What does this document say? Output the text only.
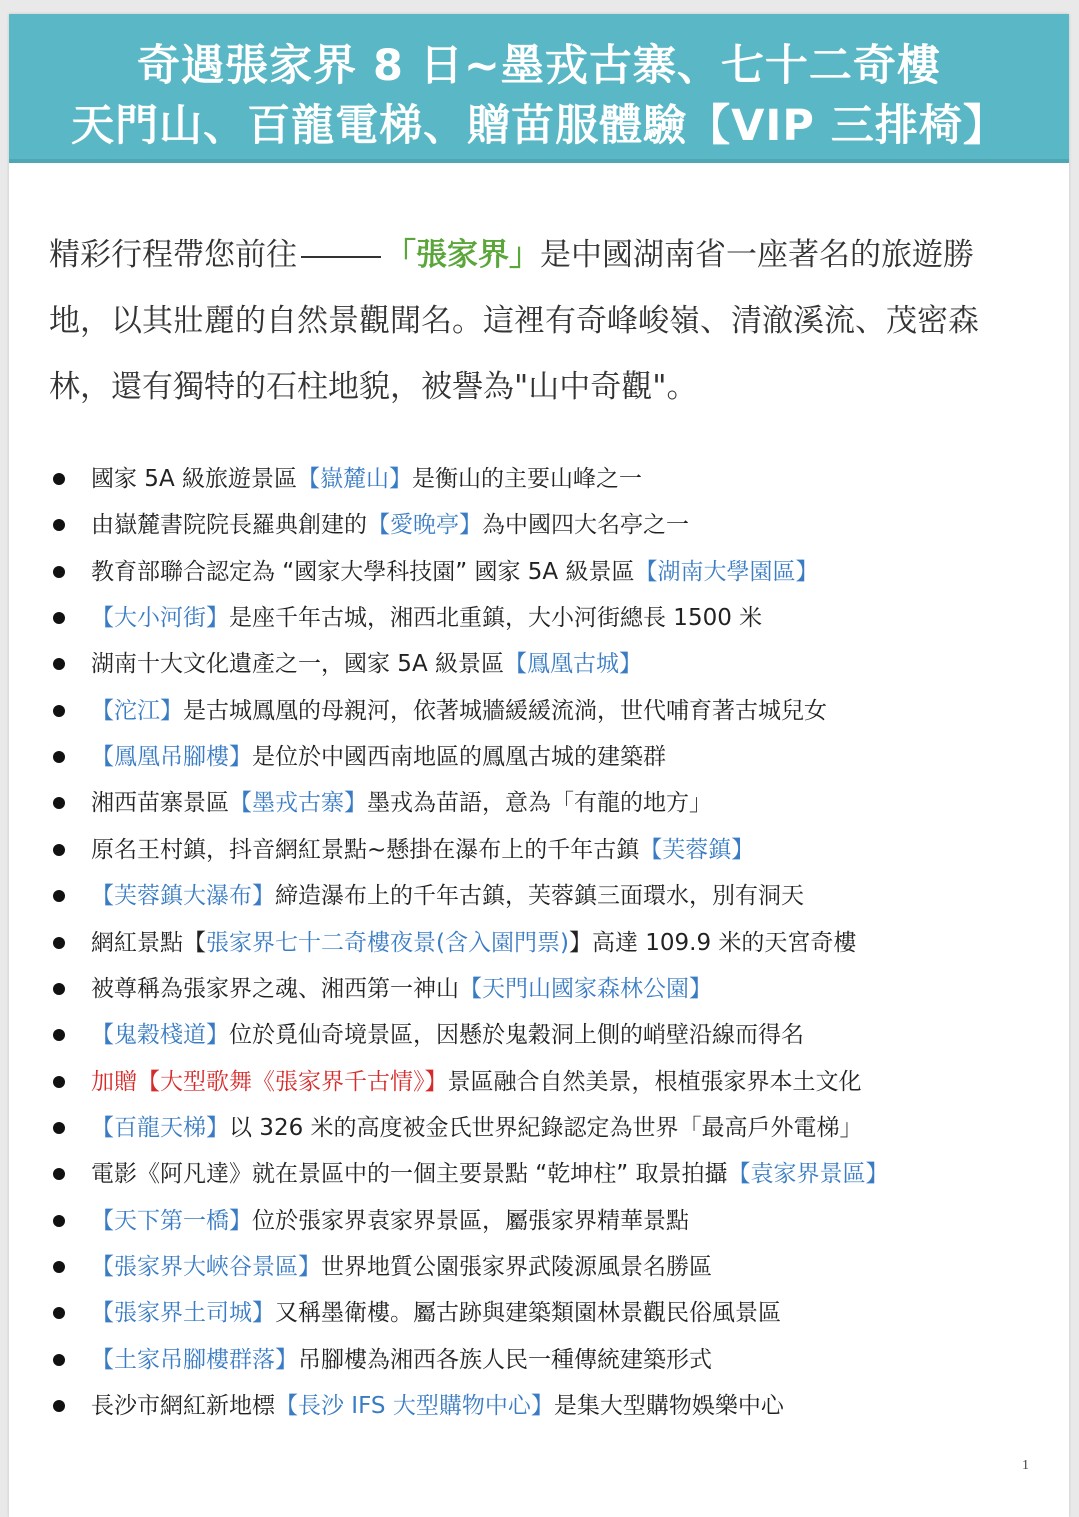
奇遇張家界 8 日~墨戎古寨、七十二奇樓
天門山、百龍電梯、贈苗服體驗【VIP 三排椅】
精彩行程帶您前往	「張家界」是中國湖南省一座著名的旅遊勝地，以其壯麗的自然景觀聞名。這裡有奇峰峻嶺、清澈溪流、茂密森林，還有獨特的石柱地貌，被譽為"山中奇觀"。
國家 5A 級旅遊景區【嶽麓山】是衡山的主要山峰之一
由嶽麓書院院長羅典創建的【愛晚亭】為中國四大名亭之一
教育部聯合認定為 “國家大學科技園” 國家 5A 級景區【湖南大學園區】
【大小河街】是座千年古城，湘西北重鎮，大小河街總長 1500 米
湖南十大文化遺產之一，國家 5A 級景區【鳳凰古城】
【沱江】是古城鳳凰的母親河，依著城牆緩緩流淌，世代哺育著古城兒女
【鳳凰吊腳樓】是位於中國西南地區的鳳凰古城的建築群
湘西苗寨景區【墨戎古寨】墨戎為苗語，意為「有龍的地方」
原名王村鎮，抖音網紅景點~懸掛在瀑布上的千年古鎮【芙蓉鎮】
【芙蓉鎮大瀑布】締造瀑布上的千年古鎮，芙蓉鎮三面環水，別有洞天
網紅景點【張家界七十二奇樓夜景(含入園門票)】高達 109.9 米的天宮奇樓
被尊稱為張家界之魂、湘西第一神山【天門山國家森林公園】
【鬼穀棧道】位於覓仙奇境景區，因懸於鬼穀洞上側的峭壁沿線而得名
加贈【大型歌舞《張家界千古情》】景區融合自然美景，根植張家界本土文化
【百龍天梯】以 326 米的高度被金氏世界紀錄認定為世界「最高戶外電梯」
電影《阿凡達》就在景區中的一個主要景點 “乾坤柱” 取景拍攝【袁家界景區】
【天下第一橋】位於張家界袁家界景區，屬張家界精華景點
【張家界大峽谷景區】世界地質公園張家界武陵源風景名勝區
【張家界土司城】又稱墨衛樓。屬古跡與建築類園林景觀民俗風景區
【土家吊腳樓群落】吊腳樓為湘西各族人民一種傳統建築形式
長沙市網紅新地標【長沙 IFS 大型購物中心】是集大型購物娛樂中心
1
